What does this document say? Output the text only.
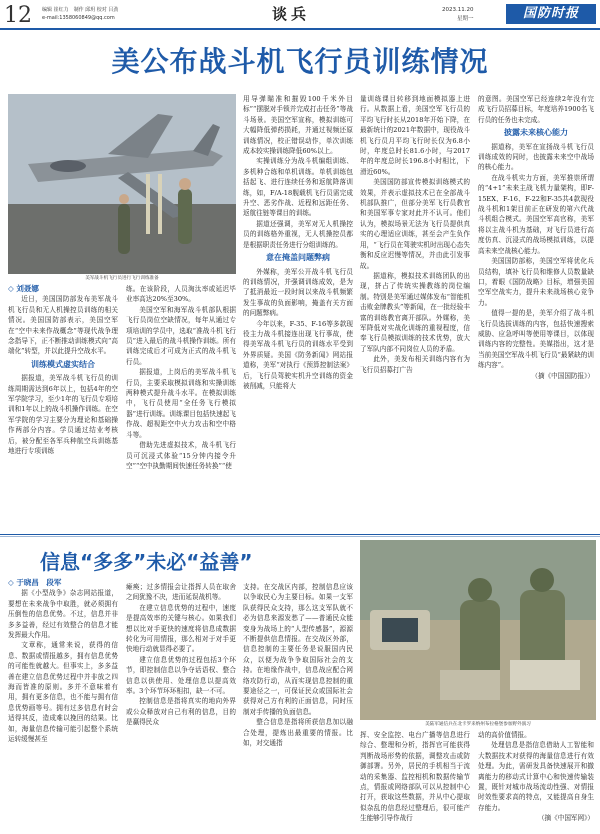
12 编辑 崔红力　制作 邱玥 校对 吕劲
e-mail:1358060849@qq.com	谈兵	2023.11.20
星期一	国防时报
美公布战斗机飞行员训练情况
美军战斗机飞行员进行飞行训练准备
◇ 刘聂娜

近日，美国国防部发布美军战斗机飞行员和无人机操控员训练的相关情况。美国国防部表示，美国空军在“空中未来作战概念”等现代战争理念指导下，正不断推动训练模式向“高端化”转型，并以此提升空战水平。

训练模式虚实结合

据报道，美军战斗机飞行员的训练周期需达到6年以上，包括4年的空军学院学习，至少1年的飞行员专项培训和1年以上的战斗机操作训练。在空军学院的学习主要分为理论和基础操作两部分内容。学员通过结业考核后，被分配至各军兵种航空兵训练基地进行专项训练

练。在该阶段，人员淘汰率或延迟毕业率高达20%至30%。

美国空军和海军战斗机部队根据飞行员岗位空缺情况，每年从通过专项培训的学员中，选取“准战斗机飞行员”进入最后的战斗机操作训练。所有训练完成后才可成为正式的战斗机飞行员。

据报道，上岗后的美军战斗机飞行员，主要采取模拟训练和实操训练两种模式提升战斗水平。在模拟训练中，飞行员使用“全任务飞行模拟器”进行训练。训练课目包括快速起飞作战、超视距空中火力攻击和空中格斗等。

借助先进虚拟技术，战斗机飞行员可沉浸式体验“15分钟内接令升空”“空中执勤期间快速任务转换”“使

用导弹瞄准和摧毁100千米外目标”“摆脱对手锁并完成打击任务”等战斗场景。美国空军宣称，模拟训练可大幅降低弹药损耗，并通过视频还原训练情况，校正错误动作，单次训练成本较实操训练降低60%以上。

实操训练分为战斗机编组训练、多机种合练和单机训练。单机训练包括起飞、进行连续任务和返航降落训练，如，F/A-18舰载机飞行员需完成升空、恶劣作战、近程和远距任务、返航往链等课目的训练。

据道还强调，美军对无人机操控员的训练格外重视，无人机操控员都是根据职责任务进行分组训练的。

意在掩盖问题弊病

外媒称，美军公开战斗机飞行员的训练情况，并强调训练成效，是为了抵消最近一段时间以来战斗机频繁发生事故的负面影响，掩盖有关方面的问题弊病。

今年以来，F-35、F-16等多款现役主力战斗机接连出现飞行事故，使得美军战斗机飞行员的训练水平受到外界质疑。美国《防务新闻》网站报道称，美军“对执行《预算控制法案》后，飞行员驾驶实机升空训练的资金被削减，只能将大

量训练课目转移到地面模拟器上进行。从数据上看，美国空军飞行员的平均飞行时长从2018年开始下降，在最新统计的2021年数据中，现役战斗机飞行员月平均飞行时长仅为6.8小时，年度总时长81.6小时，与2017年的年度总时长196.8小时相比，下滑近60%。

美国国防部宣传模拟训练模式的效果，并表示虚拟技术已在全部战斗机部队推广，但部分美军飞行员教官和美国军事专家对此并不认可。他们认为，模拟场景无法为飞行员提供真实的心理适应训练，甚至会产生负作用，“飞行员在驾驶实机时出现心态失衡和反应迟慢等情况，并由此引发事故。

据道称，模拟技术训练团队的出现，挤占了传统实操教练的岗位编制。特别是美军通过媒体发布“智能机击败金牌教头”等新闻，在一批经验丰富的训练教官离开部队。外媒称，美军降低对实战化训练的重视程度，信奉飞行员模拟训练的技术优势，放大了军队内部不同岗位人员的矛盾。

此外，美发布相关训练内容有为飞行员招募打广告

的意图。美国空军已经连续2年没有完成飞行员招募目标，年度培养1900名飞行员的任务也未完成。

披露未来核心能力

据道称，美军在宣扬战斗机飞行员训练成效的同时，也披露未来空中战场的核心能力。

在战斗机实力方面，美军推崇所谓的“4+1”未来主战飞机力量架构，即F-15EX、F-16、F-22和F-35共4款现役战斗机和1架目前正在研发的第六代战斗机组合模式。美国空军高官称，美军将以主战斗机为基础，对飞行员进行高度仿真、沉浸式的战场模拟训练，以提高未来空战核心能力。

美国国防部称，美国空军将优化兵员结构，填补飞行员和维修人员数量缺口，着眼《国防战略》目标，增强美国空军空战实力，提升未来战场核心竞争力。

值得一提的是，美军介绍了战斗机飞行员选拔训练的内容，包括快速搜索威胁、应急呼叫等使用等课目，以体现训练内容的完整性。美媒指出，这才是当前美国空军战斗机飞行员“最紧缺的训练内容”。

（摘《中国国防报》）

信息“多多”未必“益善”
◇ 于晓昌　段军

据《小型战争》杂志网站报道，要想在未来战争中取胜，就必须拥有压倒性的信息优势。不过，信息并非多多益善，经过有效整合的信息才能发挥最大作用。

文章称，通常来说，获得的信息、数据或情报越多，拥有信息优势的可能性就越大。但事实上，多多益善在建立信息优势过程中并非放之四海而皆准的原则。多并不意味着有用，拥有更多信息，也不能与拥有信息优势画等号。拥有过多信息有时会适得其反，造成难以挽回的结果。比如，海量信息传输可能引起整个系统运转缓慢甚至

瘫痪；过多情报会让指挥人员在取舍之间犹豫不决，进而延误战机等。

在建立信息优势的过程中，速度是提高效率的关键与核心。如果我们想以比对手更快的速度将信息成数据转化为可用情报，那么相对于对手更快地行动就显得必要了。

建立信息优势的过程包括3个环节，即控制信息以争夺话语权、整合信息以供使用、处理信息以提高效率。3个环节环环相扣，缺一不可。

控制信息是指将真实的地向外界或公众释放对自己有利的信息，目的是赢得民众

支持。在交战区内部，控制信息应该以争取民心为主要目标。如果一支军队获得民众支持，那么这支军队就不必为信息来源发愁了——普通民众能变身为战场上的“人型传感器”，源源不断提供信息情报。在交战区外部，信息控制的主要任务是说服国内民众，以便为战争争取国际社会的支持。在地缘作战中，信息战应配合网络攻防行动，从而实现信息控制的重要途径之一，可保证民众或国际社会获得对己方有利的正面信息，同时压制对手传播的负面信息。

整合信息是指将所获信息加以融合处理，提炼出最重要的情报。比如，对交通指

美陆军通信兵在北卡罗来纳州布拉格堡参加野外演习

挥、安全监控、电台广播等信息进行综合、整理和分析，指挥官可能获得判断战场形势的依据，调整攻击或防御部署。另外，居民的手机相当于流动的采集器、监控相机和数据传输节点，情报或网络部队可以从控制中心打开，获取这些数据，并从中心提取似杂乱的信息经过整理后，很可能产生能够引导作战行

动的高价值情报。

处理信息是指信息借助人工智能和大数据技术对获得的海量信息进行有效处理。为此，需研发具备快速展开和撤离能力的移动式计算中心和快速传输装置，既针对城市战场流动性强、对情报时效性要求高的特点，又能提高自身生存能力。

（摘《中国军网》）
